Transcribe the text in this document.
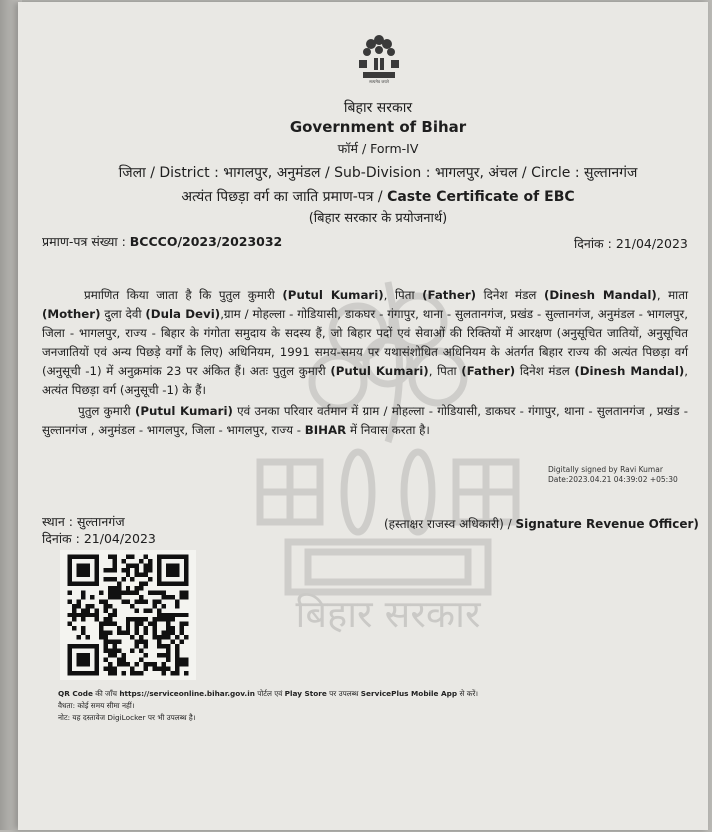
बिहार सरकार
सत्यमेव जयते
बिहार सरकार
Government of Bihar
फॉर्म / Form-IV
जिला / District : भागलपुर, अनुमंडल / Sub-Division : भागलपुर, अंचल / Circle : सुल्तानगंज
अत्यंत पिछड़ा वर्ग का जाति प्रमाण-पत्र / Caste Certificate of EBC
(बिहार सरकार के प्रयोजनार्थ)
प्रमाण-पत्र संख्या : BCCCO/2023/2023032	दिनांक : 21/04/2023
प्रमाणित किया जाता है कि पुतुल कुमारी (Putul Kumari), पिता (Father) दिनेश मंडल (Dinesh Mandal), माता (Mother) दुला देवी (Dula Devi),ग्राम / मोहल्ला - गोडियासी, डाकघर - गंगापुर, थाना - सुलतानगंज, प्रखंड - सुल्तानगंज, अनुमंडल - भागलपुर, जिला - भागलपुर, राज्य - बिहार के गंगोता समुदाय के सदस्य हैं, जो बिहार पदों एवं सेवाओं की रिक्तियों में आरक्षण (अनुसूचित जातियों, अनुसूचित जनजातियों एवं अन्य पिछड़े वर्गों के लिए) अधिनियम, 1991 समय-समय पर यथासंशोधित अधिनियम के अंतर्गत बिहार राज्य की अत्यंत पिछड़ा वर्ग (अनुसूची -1) में अनुक्रमांक 23 पर अंकित हैं। अतः पुतुल कुमारी (Putul Kumari), पिता (Father) दिनेश मंडल (Dinesh Mandal), अत्यंत पिछड़ा वर्ग (अनुसूची -1) के हैं।
पुतुल कुमारी (Putul Kumari) एवं उनका परिवार वर्तमान में ग्राम / मोहल्ला - गोडियासी, डाकघर - गंगापुर, थाना - सुलतानगंज , प्रखंड - सुल्तानगंज , अनुमंडल - भागलपुर, जिला - भागलपुर, राज्य - BIHAR में निवास करता है।
Digitally signed by Ravi Kumar
Date:2023.04.21 04:39:02 +05:30
स्थान : सुल्तानगंज
दिनांक : 21/04/2023
(हस्ताक्षर राजस्व अधिकारी) / Signature Revenue Officer)
QR Code की जाँच https://serviceonline.bihar.gov.in पोर्टल एवं Play Store पर उपलब्ध ServicePlus Mobile App से करें।
वैधता: कोई समय सीमा नहीं।
नोट: यह दस्तावेज DigiLocker पर भी उपलब्ध है।
